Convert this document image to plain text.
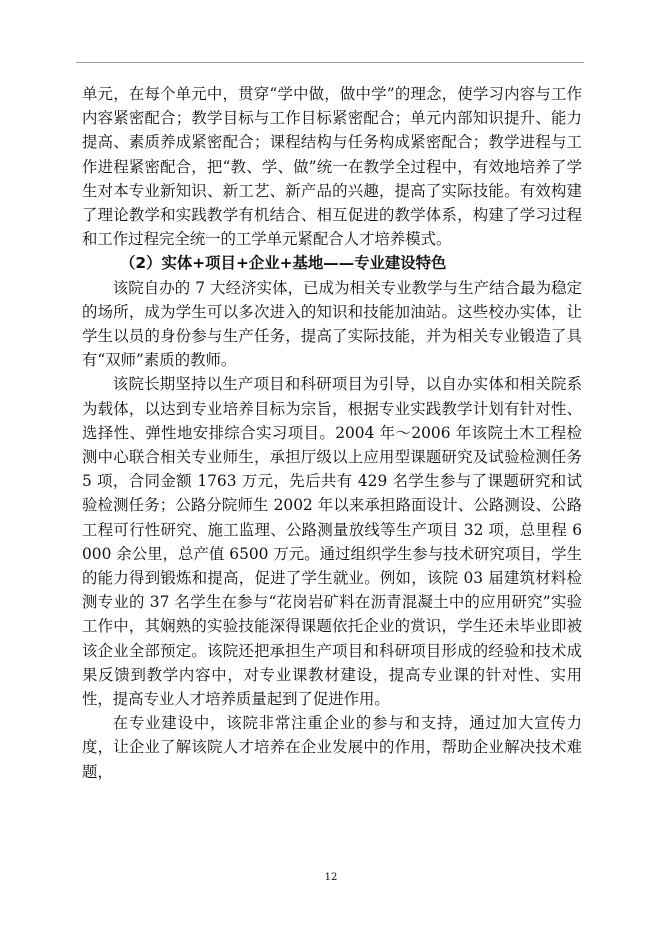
单元，在每个单元中，贯穿“学中做，做中学”的理念，使学习内容与工作内容紧密配合；教学目标与工作目标紧密配合；单元内部知识提升、能力提高、素质养成紧密配合；课程结构与任务构成紧密配合；教学进程与工作进程紧密配合，把“教、学、做”统一在教学全过程中，有效地培养了学生对本专业新知识、新工艺、新产品的兴趣，提高了实际技能。有效构建了理论教学和实践教学有机结合、相互促进的教学体系，构建了学习过程和工作过程完全统一的工学单元紧配合人才培养模式。

（2）实体+项目+企业+基地——专业建设特色

该院自办的 7 大经济实体，已成为相关专业教学与生产结合最为稳定的场所，成为学生可以多次进入的知识和技能加油站。这些校办实体，让学生以员的身份参与生产任务，提高了实际技能，并为相关专业锻造了具有“双师”素质的教师。

该院长期坚持以生产项目和科研项目为引导，以自办实体和相关院系为载体，以达到专业培养目标为宗旨，根据专业实践教学计划有针对性、选择性、弹性地安排综合实习项目。2004 年～2006 年该院土木工程检测中心联合相关专业师生，承担厅级以上应用型课题研究及试验检测任务 5 项，合同金额 1763 万元，先后共有 429 名学生参与了课题研究和试验检测任务；公路分院师生 2002 年以来承担路面设计、公路测设、公路工程可行性研究、施工监理、公路测量放线等生产项目 32 项，总里程 6000 余公里，总产值 6500 万元。通过组织学生参与技术研究项目，学生的能力得到锻炼和提高，促进了学生就业。例如，该院 03 届建筑材料检测专业的 37 名学生在参与“花岗岩矿料在沥青混凝土中的应用研究”实验工作中，其娴熟的实验技能深得课题依托企业的赏识，学生还未毕业即被该企业全部预定。该院还把承担生产项目和科研项目形成的经验和技术成果反馈到教学内容中，对专业课教材建设，提高专业课的针对性、实用性，提高专业人才培养质量起到了促进作用。

在专业建设中，该院非常注重企业的参与和支持，通过加大宣传力度，让企业了解该院人才培养在企业发展中的作用，帮助企业解决技术难题，

12
